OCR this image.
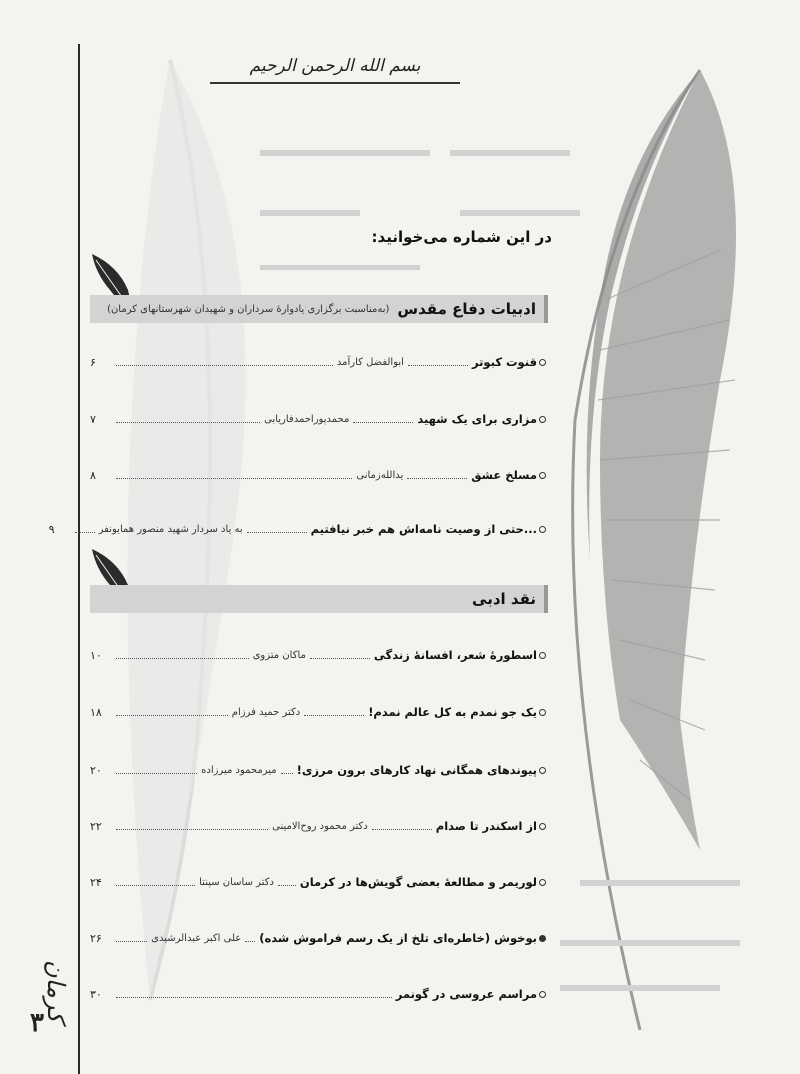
بسم الله الرحمن الرحیم
در این شماره می‌خوانید:
ادبیات دفاع مقدس
(به‌مناسبت برگزاری یادوارهٔ سرداران و شهیدان شهرستانهای کرمان)
قنوت کبوتر
ابوالفضل کارآمد
۶
مزاری برای یک شهید
محمدپوراحمدفاریابی
۷
مسلخ عشق
یدالله‌زمانی
۸
...حتی از وصیت نامه‌اش هم خبر نیافتیم
به یاد سردار شهید منصور همایونفر
۹
نقد ادبی
اسطورهٔ شعر، افسانهٔ زندگی
ماکان متزوی
۱۰
یک جو نمدم به کل عالم نمدم!
دکتر حمید فرزام
۱۸
پیوندهای همگانی نهاد کارهای برون مرزی!
میرمحمود میرزاده
۲۰
از اسکندر تا صدام
دکتر محمود روح‌الامینی
۲۲
لوریمر و مطالعهٔ بعضی گویش‌ها در کرمان
دکتر ساسان سپنتا
۲۴
بوخوش (خاطره‌ای تلخ از یک رسم فراموش شده)
علی اکبر عبدالرشیدی
۲۶
مراسم عروسی در گونمر
۳۰
کرمان
۳
